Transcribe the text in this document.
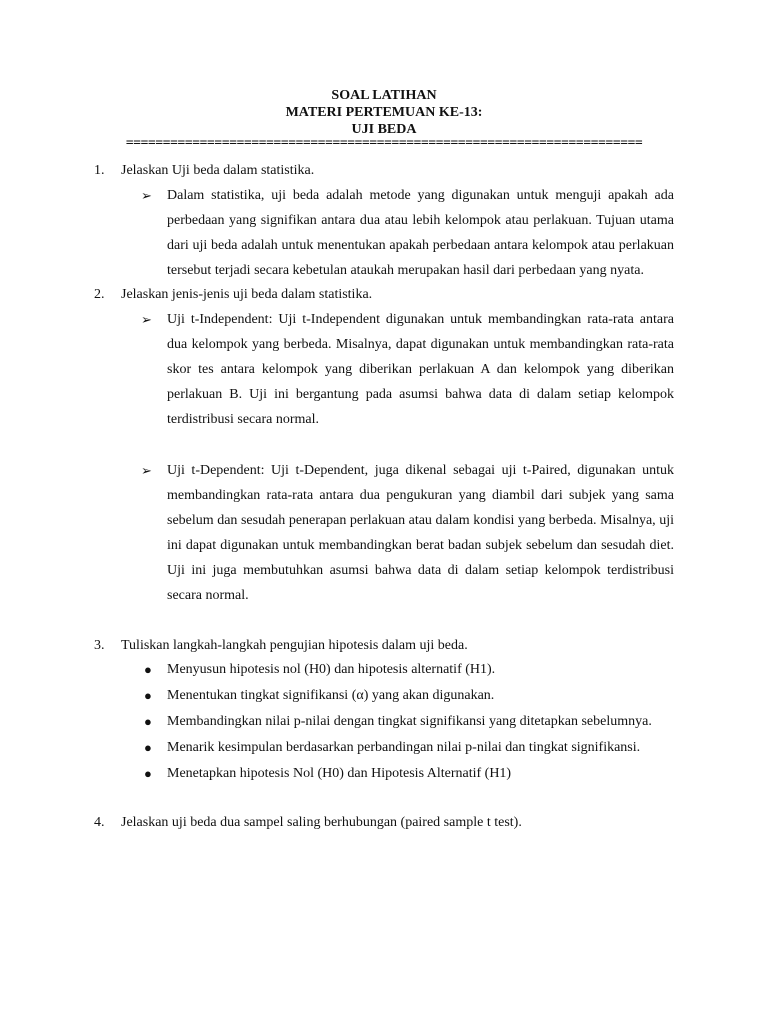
SOAL LATIHAN
MATERI PERTEMUAN KE-13:
UJI BEDA
======================================================================
1. Jelaskan Uji beda dalam statistika.
➢ Dalam statistika, uji beda adalah metode yang digunakan untuk menguji apakah ada perbedaan yang signifikan antara dua atau lebih kelompok atau perlakuan. Tujuan utama dari uji beda adalah untuk menentukan apakah perbedaan antara kelompok atau perlakuan tersebut terjadi secara kebetulan ataukah merupakan hasil dari perbedaan yang nyata.
2. Jelaskan jenis-jenis uji beda dalam statistika.
➢ Uji t-Independent: Uji t-Independent digunakan untuk membandingkan rata-rata antara dua kelompok yang berbeda. Misalnya, dapat digunakan untuk membandingkan rata-rata skor tes antara kelompok yang diberikan perlakuan A dan kelompok yang diberikan perlakuan B. Uji ini bergantung pada asumsi bahwa data di dalam setiap kelompok terdistribusi secara normal.
➢ Uji t-Dependent: Uji t-Dependent, juga dikenal sebagai uji t-Paired, digunakan untuk membandingkan rata-rata antara dua pengukuran yang diambil dari subjek yang sama sebelum dan sesudah penerapan perlakuan atau dalam kondisi yang berbeda. Misalnya, uji ini dapat digunakan untuk membandingkan berat badan subjek sebelum dan sesudah diet. Uji ini juga membutuhkan asumsi bahwa data di dalam setiap kelompok terdistribusi secara normal.
3. Tuliskan langkah-langkah pengujian hipotesis dalam uji beda.
● Menyusun hipotesis nol (H0) dan hipotesis alternatif (H1).
● Menentukan tingkat signifikansi (α) yang akan digunakan.
● Membandingkan nilai p-nilai dengan tingkat signifikansi yang ditetapkan sebelumnya.
● Menarik kesimpulan berdasarkan perbandingan nilai p-nilai dan tingkat signifikansi.
● Menetapkan hipotesis Nol (H0) dan Hipotesis Alternatif (H1)
4. Jelaskan uji beda dua sampel saling berhubungan (paired sample t test).
